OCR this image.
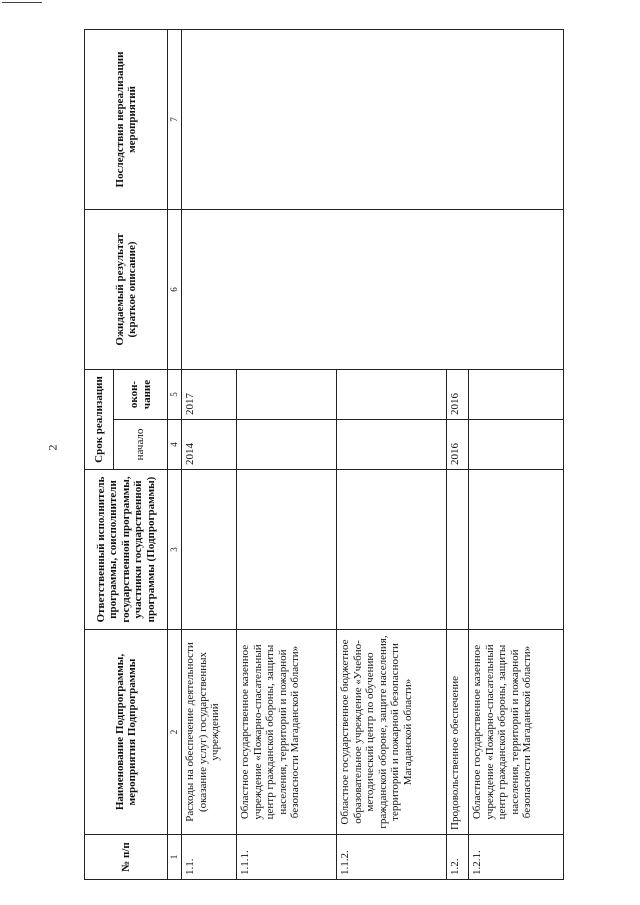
2
№ п/п	Наименование Подпрограммы, мероприятия Подпрограммы	Ответственный исполнитель программы, соисполнители государственной программы, участники государственной программы (Подпрограммы)	Срок реализации		Ожидаемый результат (краткое описание)	Последствия нереализации мероприятий
			начало	окон- чание		
1	2	3	4	5	6	7
1.1.	Расходы на обеспечение деятельности (оказание услуг) государственных учреждений		2014	2017		
1.1.1.	Областное государственное казенное учреждение «Пожарно-спасательный центр гражданской обороны, защиты населения, территорий и пожарной безопасности Магаданской области»					
1.1.2.	Областное государственное бюджетное образовательное учреждение «Учебно-методический центр по обучению гражданской обороне, защите населения, территорий и пожарной безопасности Магаданской области»					
1.2.	Продовольственное обеспечение		2016	2016		
1.2.1.	Областное государственное казенное учреждение «Пожарно-спасательный центр гражданской обороны, защиты населения, территорий и пожарной безопасности Магаданской области»					
